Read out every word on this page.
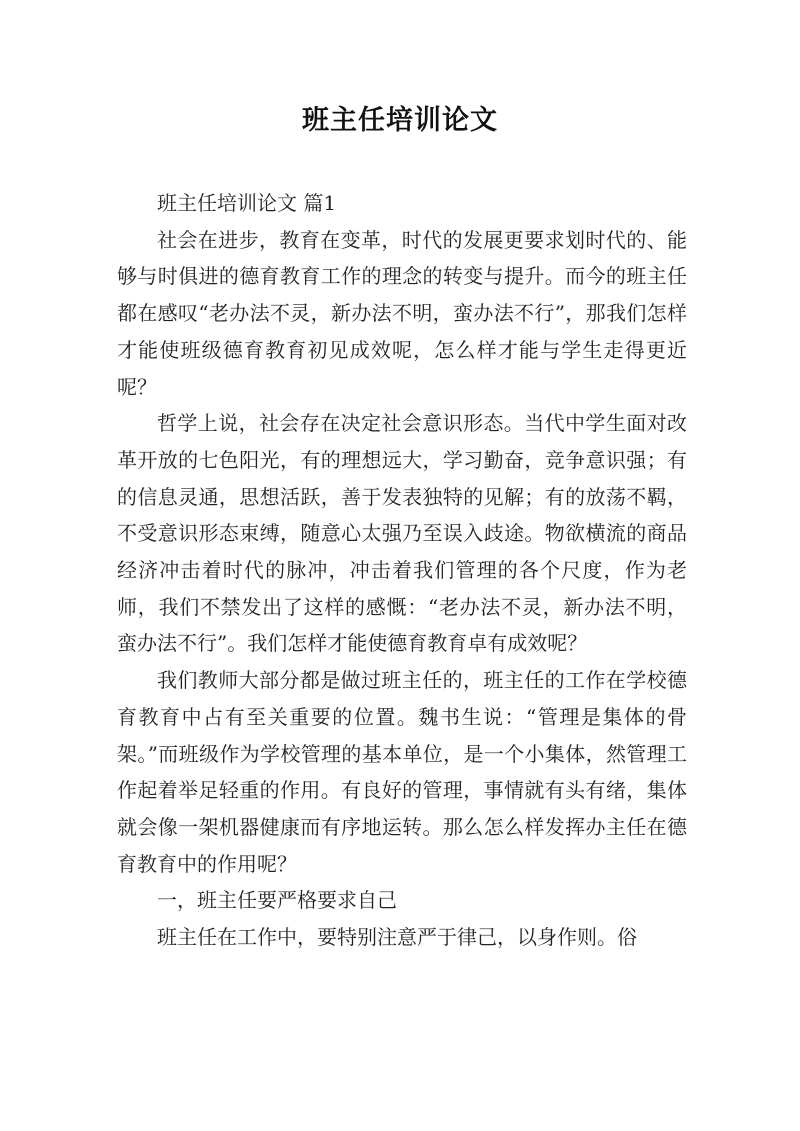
班主任培训论文

班主任培训论文 篇1

社会在进步，教育在变革，时代的发展更要求划时代的、能够与时俱进的德育教育工作的理念的转变与提升。而今的班主任都在感叹“老办法不灵，新办法不明，蛮办法不行”，那我们怎样才能使班级德育教育初见成效呢，怎么样才能与学生走得更近呢？

哲学上说，社会存在决定社会意识形态。当代中学生面对改革开放的七色阳光，有的理想远大，学习勤奋，竞争意识强；有的信息灵通，思想活跃，善于发表独特的见解；有的放荡不羁，不受意识形态束缚，随意心太强乃至误入歧途。物欲横流的商品经济冲击着时代的脉冲，冲击着我们管理的各个尺度，作为老师，我们不禁发出了这样的感慨：“老办法不灵，新办法不明，蛮办法不行”。我们怎样才能使德育教育卓有成效呢？

我们教师大部分都是做过班主任的，班主任的工作在学校德育教育中占有至关重要的位置。魏书生说：“管理是集体的骨架。”而班级作为学校管理的基本单位，是一个小集体，然管理工作起着举足轻重的作用。有良好的管理，事情就有头有绪，集体就会像一架机器健康而有序地运转。那么怎么样发挥办主任在德育教育中的作用呢？

一，班主任要严格要求自己

班主任在工作中，要特别注意严于律己，以身作则。俗
